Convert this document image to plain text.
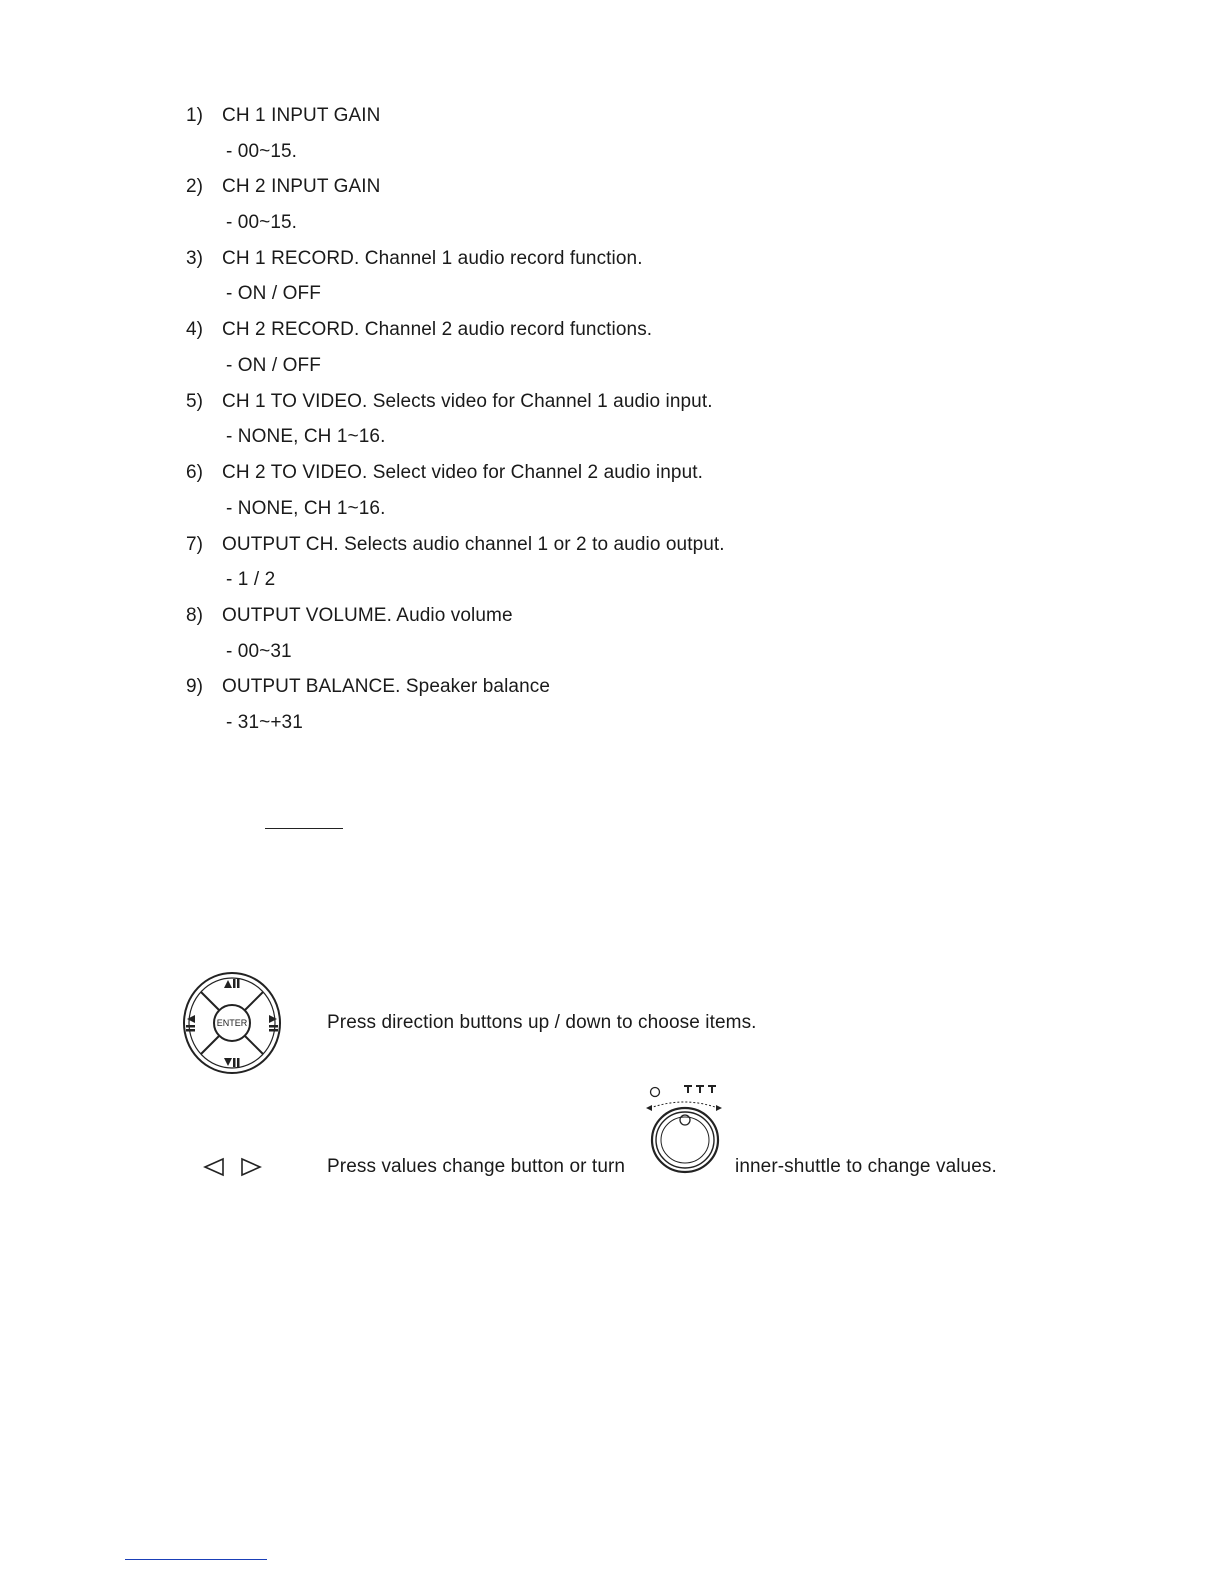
1) CH 1 INPUT GAIN
- 00~15.
2) CH 2 INPUT GAIN
- 00~15.
3) CH 1 RECORD. Channel 1 audio record function.
- ON / OFF
4) CH 2 RECORD. Channel 2 audio record functions.
- ON / OFF
5) CH 1 TO VIDEO. Selects video for Channel 1 audio input.
- NONE, CH 1~16.
6) CH 2 TO VIDEO. Select video for Channel 2 audio input.
- NONE, CH 1~16.
7) OUTPUT CH. Selects audio channel 1 or 2 to audio output.
- 1 / 2
8) OUTPUT VOLUME. Audio volume
- 00~31
9) OUTPUT BALANCE. Speaker balance
- 31~+31
ENTER	Press direction buttons up / down to choose items.
Press values change button or turn	inner-shuttle to change values.
